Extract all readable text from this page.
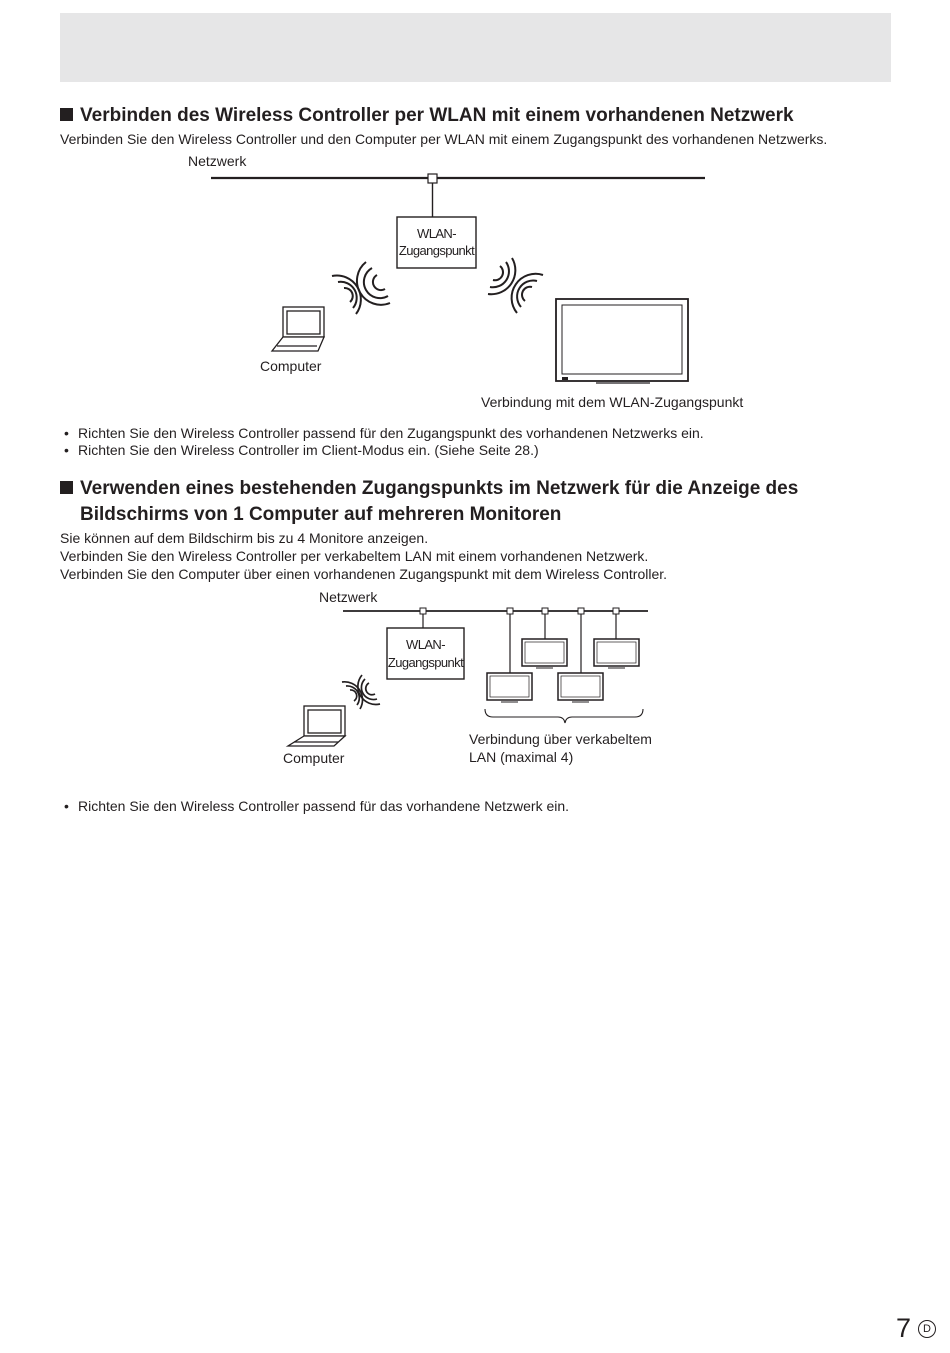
Verbinden des Wireless Controller per WLAN mit einem vorhandenen Netzwerk

Verbinden Sie den Wireless Controller und den Computer per WLAN mit einem Zugangspunkt des vorhandenen Netzwerks.

Netzwerk
WLAN-
Zugangspunkt
Computer
Verbindung mit dem WLAN-Zugangspunkt

• Richten Sie den Wireless Controller passend für den Zugangspunkt des vorhandenen Netzwerks ein.

• Richten Sie den Wireless Controller im Client-Modus ein. (Siehe Seite 28.)

Verwenden eines bestehenden Zugangspunkts im Netzwerk für die Anzeige des
Bildschirms von 1 Computer auf mehreren Monitoren

Sie können auf dem Bildschirm bis zu 4 Monitore anzeigen.

Verbinden Sie den Wireless Controller per verkabeltem LAN mit einem vorhandenen Netzwerk.

Verbinden Sie den Computer über einen vorhandenen Zugangspunkt mit dem Wireless Controller.

Netzwerk
WLAN-
Zugangspunkt
Computer
Verbindung über verkabeltem
LAN (maximal 4)

• Richten Sie den Wireless Controller passend für das vorhandene Netzwerk ein.

7	D
